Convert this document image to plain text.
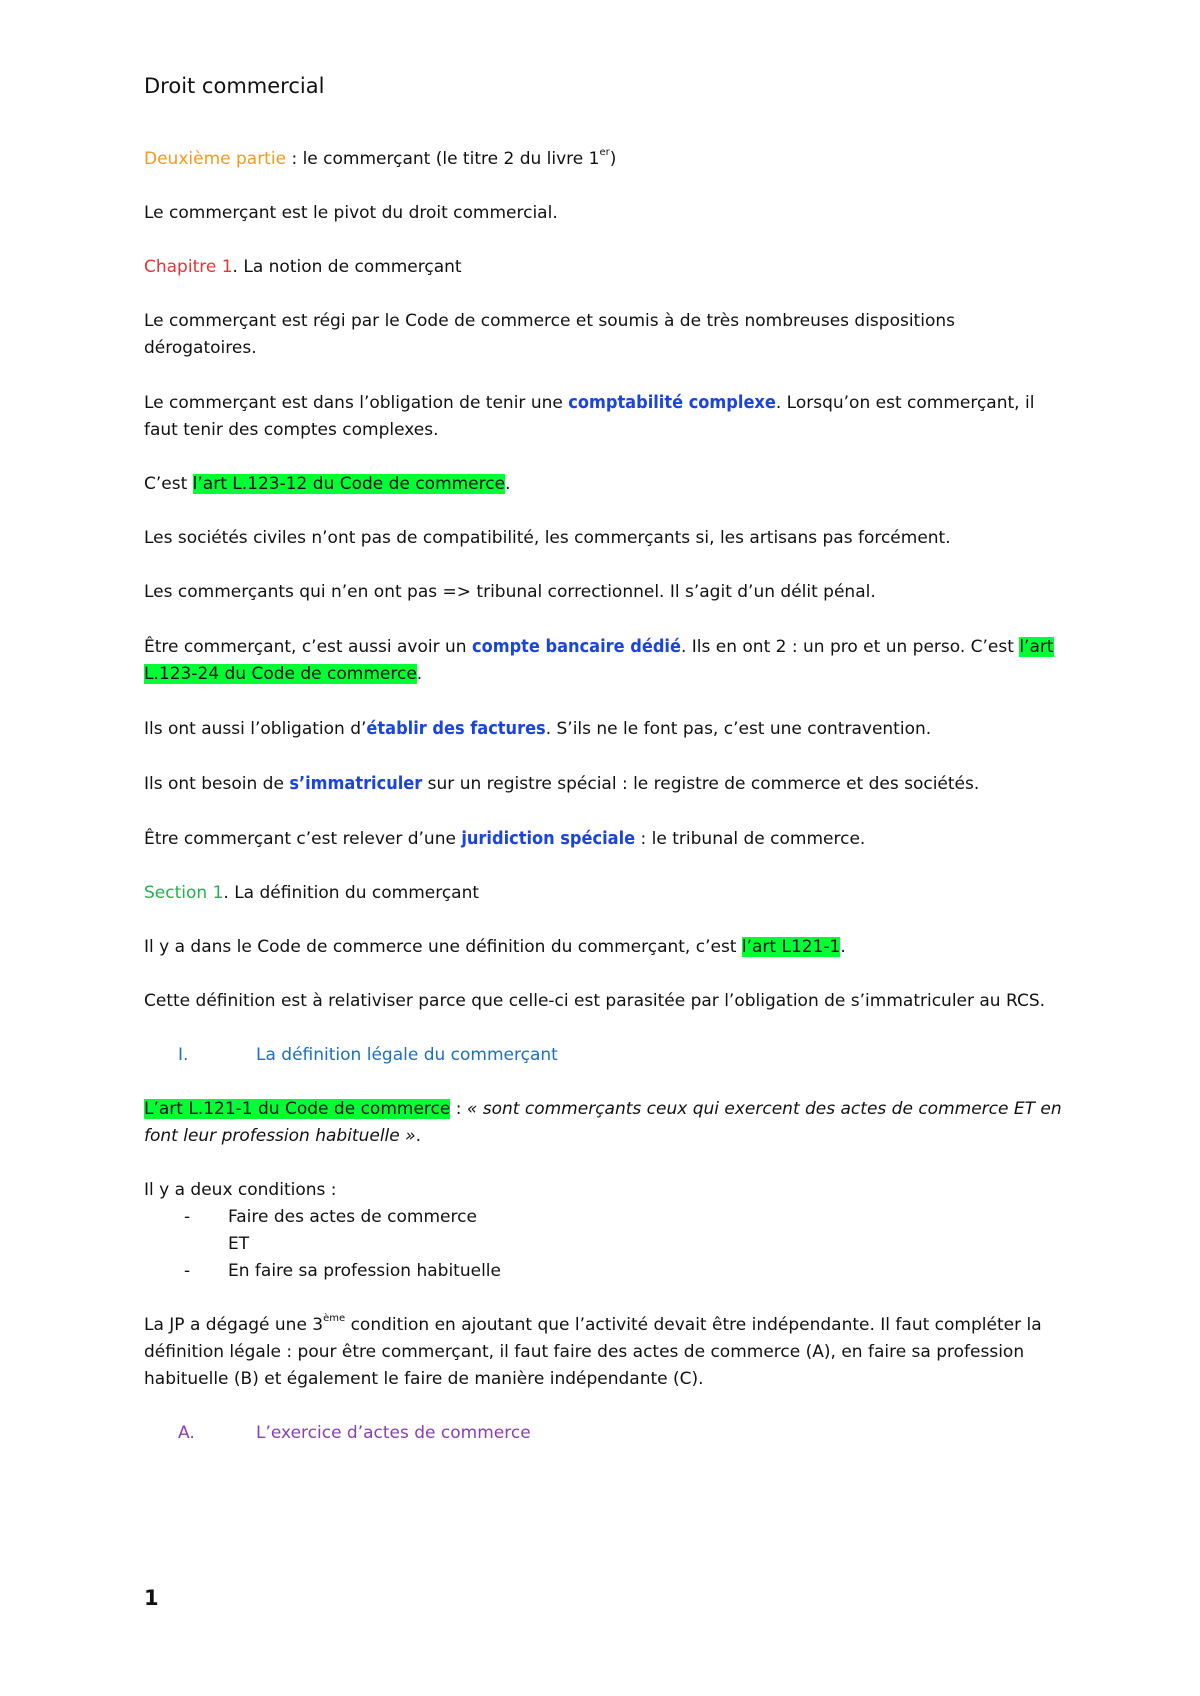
Droit commercial

Deuxième partie : le commerçant (le titre 2 du livre 1er)

Le commerçant est le pivot du droit commercial.

Chapitre 1. La notion de commerçant

Le commerçant est régi par le Code de commerce et soumis à de très nombreuses dispositions dérogatoires.

Le commerçant est dans l’obligation de tenir une comptabilité complexe. Lorsqu’on est commerçant, il faut tenir des comptes complexes.

C’est l’art L.123-12 du Code de commerce.

Les sociétés civiles n’ont pas de compatibilité, les commerçants si, les artisans pas forcément.

Les commerçants qui n’en ont pas => tribunal correctionnel. Il s’agit d’un délit pénal.

Être commerçant, c’est aussi avoir un compte bancaire dédié. Ils en ont 2 : un pro et un perso. C’est l’art L.123-24 du Code de commerce.

Ils ont aussi l’obligation d’établir des factures. S’ils ne le font pas, c’est une contravention.

Ils ont besoin de s’immatriculer sur un registre spécial : le registre de commerce et des sociétés.

Être commerçant c’est relever d’une juridiction spéciale : le tribunal de commerce.

Section 1. La définition du commerçant

Il y a dans le Code de commerce une définition du commerçant, c’est l’art L121-1.

Cette définition est à relativiser parce que celle-ci est parasitée par l’obligation de s’immatriculer au RCS.

I.	La définition légale du commerçant

L’art L.121-1 du Code de commerce : « sont commerçants ceux qui exercent des actes de commerce ET en font leur profession habituelle ».

Il y a deux conditions :
-	Faire des actes de commerce
ET
-	En faire sa profession habituelle

La JP a dégagé une 3ème condition en ajoutant que l’activité devait être indépendante. Il faut compléter la définition légale : pour être commerçant, il faut faire des actes de commerce (A), en faire sa profession habituelle (B) et également le faire de manière indépendante (C).

A.	L’exercice d’actes de commerce
1
